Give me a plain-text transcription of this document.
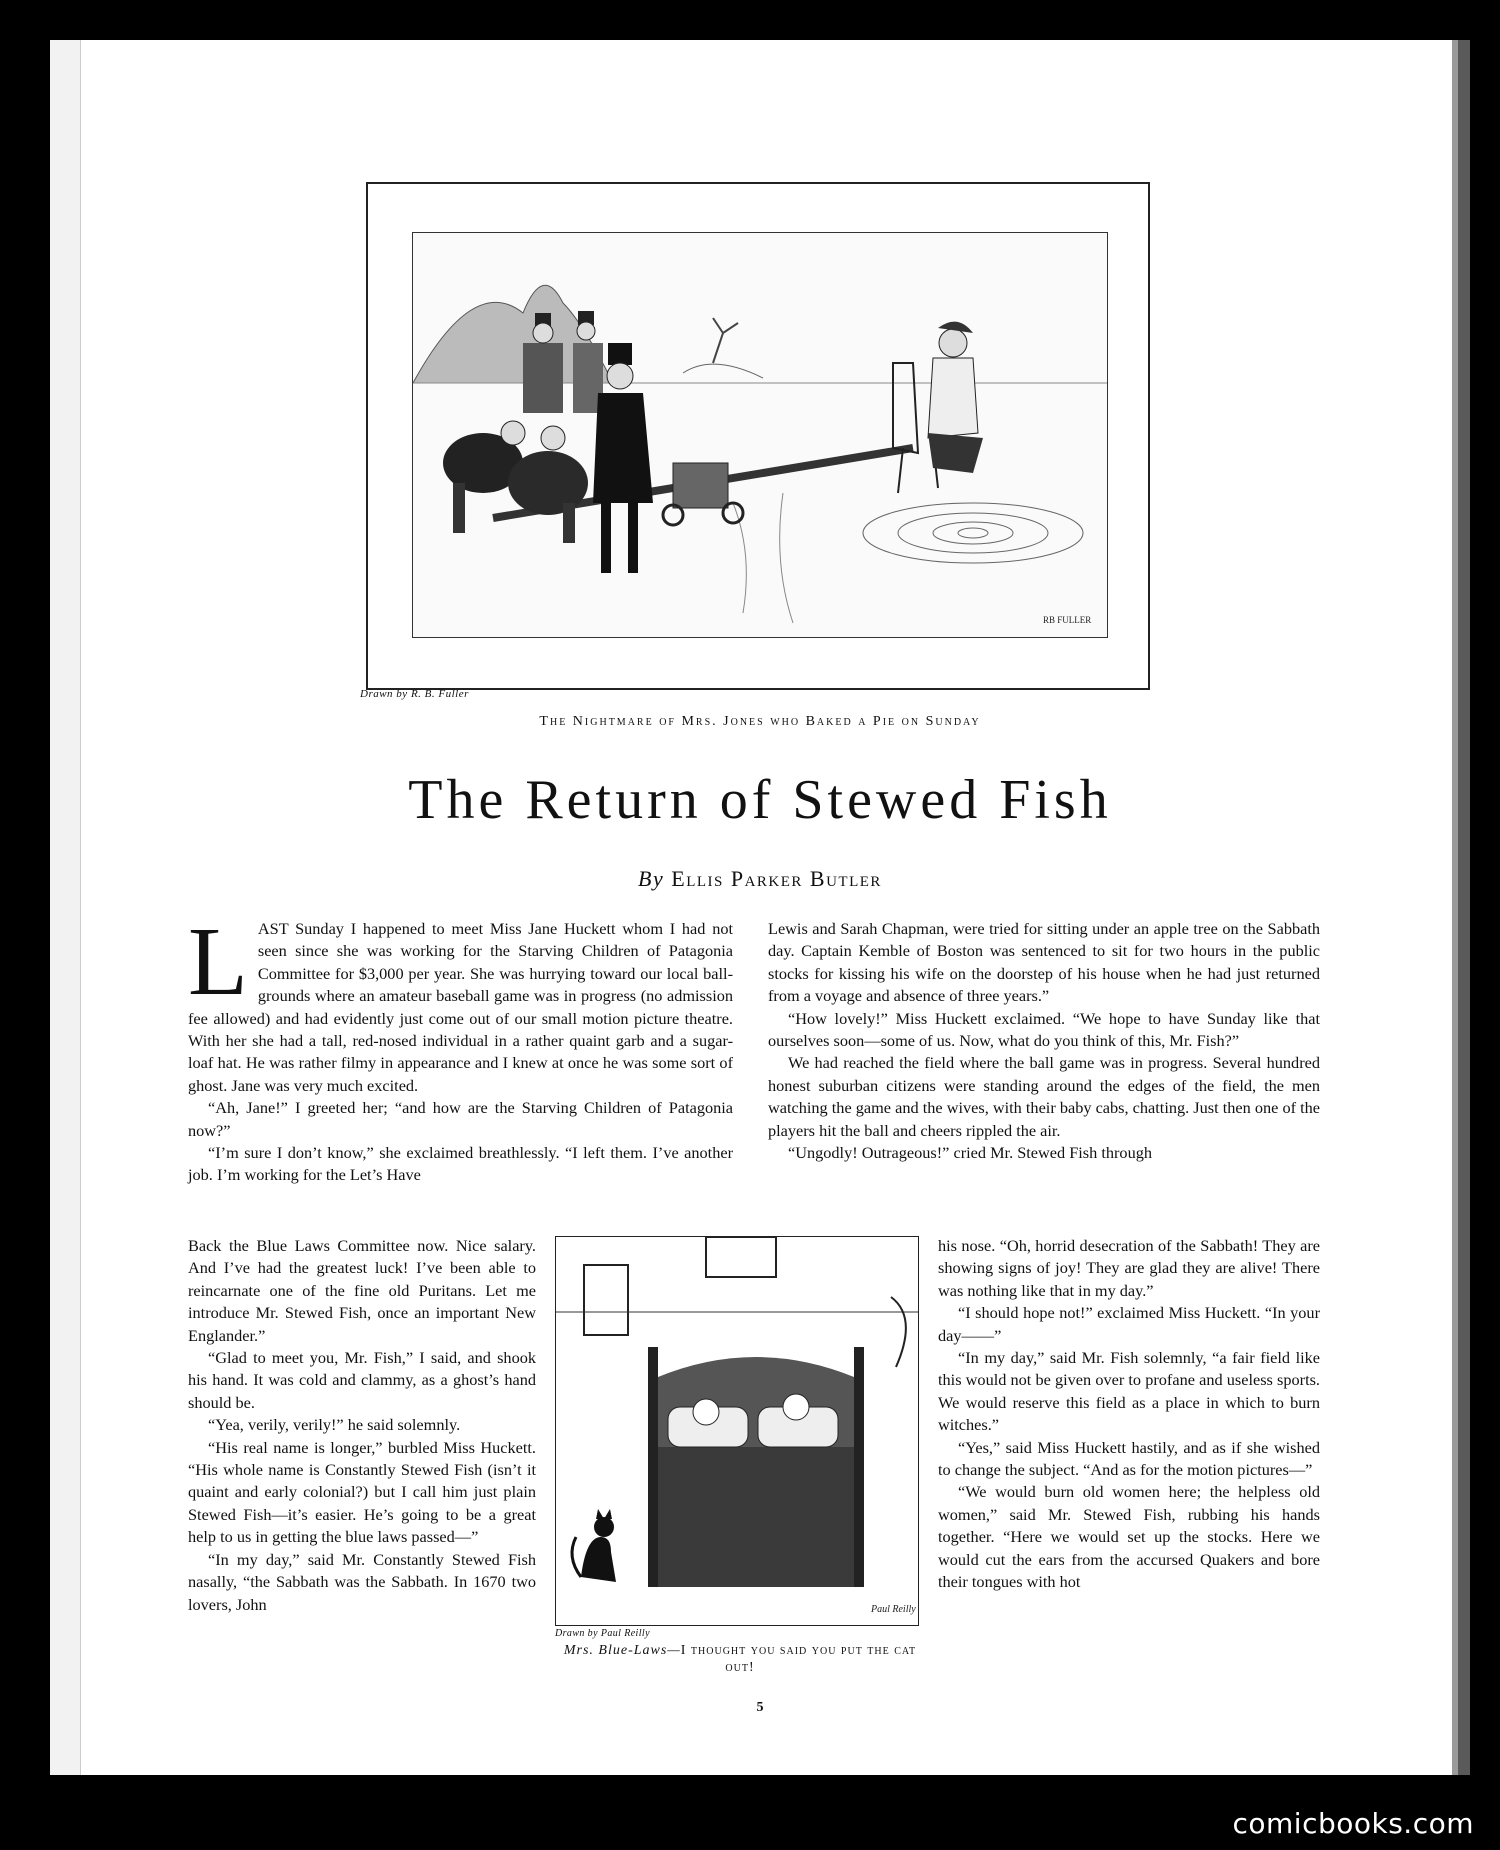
RB FULLER
Drawn by R. B. Fuller
The Nightmare of Mrs. Jones who Baked a Pie on Sunday
The Return of Stewed Fish
By Ellis Parker Butler

LAST Sunday I happened to meet Miss Jane Huckett whom I had not seen since she was working for the Starving Children of Patagonia Committee for $3,000 per year. She was hurrying toward our local ball-grounds where an amateur baseball game was in progress (no admission fee allowed) and had evidently just come out of our small motion picture theatre. With her she had a tall, red-nosed individual in a rather quaint garb and a sugar-loaf hat. He was rather filmy in appearance and I knew at once he was some sort of ghost. Jane was very much excited.

“Ah, Jane!” I greeted her; “and how are the Starving Children of Patagonia now?”

“I’m sure I don’t know,” she exclaimed breathlessly. “I left them. I’ve another job. I’m working for the Let’s Have

Back the Blue Laws Committee now. Nice salary. And I’ve had the greatest luck! I’ve been able to reincarnate one of the fine old Puritans. Let me introduce Mr. Stewed Fish, once an important New Englander.”

“Glad to meet you, Mr. Fish,” I said, and shook his hand. It was cold and clammy, as a ghost’s hand should be.

“Yea, verily, verily!” he said solemnly.

“His real name is longer,” burbled Miss Huckett. “His whole name is Constantly Stewed Fish (isn’t it quaint and early colonial?) but I call him just plain Stewed Fish—it’s easier. He’s going to be a great help to us in getting the blue laws passed—”

“In my day,” said Mr. Constantly Stewed Fish nasally, “the Sabbath was the Sabbath. In 1670 two lovers, John

Lewis and Sarah Chapman, were tried for sitting under an apple tree on the Sabbath day. Captain Kemble of Boston was sentenced to sit for two hours in the public stocks for kissing his wife on the doorstep of his house when he had just returned from a voyage and absence of three years.”

“How lovely!” Miss Huckett exclaimed. “We hope to have Sunday like that ourselves soon—some of us. Now, what do you think of this, Mr. Fish?”

We had reached the field where the ball game was in progress. Several hundred honest suburban citizens were standing around the edges of the field, the men watching the game and the wives, with their baby cabs, chatting. Just then one of the players hit the ball and cheers rippled the air.

“Ungodly! Outrageous!” cried Mr. Stewed Fish through

his nose. “Oh, horrid desecration of the Sabbath! They are showing signs of joy! They are glad they are alive! There was nothing like that in my day.”

“I should hope not!” exclaimed Miss Huckett. “In your day——”

“In my day,” said Mr. Fish solemnly, “a fair field like this would not be given over to profane and useless sports. We would reserve this field as a place in which to burn witches.”

“Yes,” said Miss Huckett hastily, and as if she wished to change the subject. “And as for the motion pictures—”

“We would burn old women here; the helpless old women,” said Mr. Stewed Fish, rubbing his hands together. “Here we would set up the stocks. Here we would cut the ears from the accursed Quakers and bore their tongues with hot

Paul Reilly
Drawn by Paul Reilly
Mrs. Blue-Laws—I thought you said you put the cat out!
5
comicbooks.com
